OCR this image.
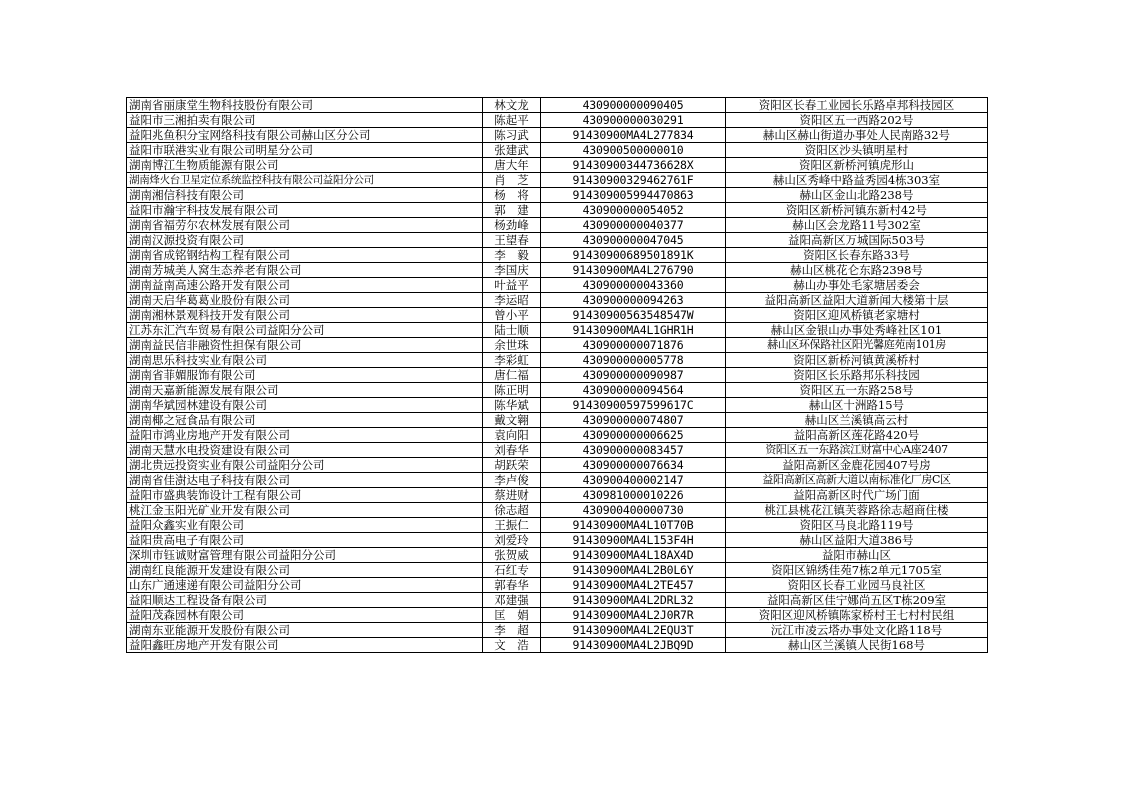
湖南省丽康堂生物科技股份有限公司	林文龙	430900000090405	资阳区长春工业园长乐路卓邦科技园区
益阳市三湘拍卖有限公司	陈起平	430900000030291	资阳区五一西路202号
益阳兆鱼积分宝网络科技有限公司赫山区分公司	陈习武	91430900MA4L277834	赫山区赫山街道办事处人民南路32号
益阳市联港实业有限公司明星分公司	张建武	430900500000010	资阳区沙头镇明星村
湖南博江生物质能源有限公司	唐大年	91430900344736628X	资阳区新桥河镇虎形山
湖南烽火台卫星定位系统监控科技有限公司益阳分公司	肖　芝	91430900329462761F	赫山区秀峰中路益秀园4栋303室
湖南湘信科技有限公司	杨　将	91430900599447086З	赫山区金山北路238号
益阳市瀚宇科技发展有限公司	郭　建	430900000054052	资阳区新桥河镇东新村42号
湖南省福劳尔农林发展有限公司	杨劲峰	430900000040377	赫山区会龙路11号302室
湖南汉源投资有限公司	王望春	430900000047045	益阳高新区万城国际503号
湖南省成铭钢结构工程有限公司	李　毅	91430900689501891K	资阳区长春东路33号
湖南芳城美人窝生态养老有限公司	李国庆	91430900MA4L276790	赫山区桃花仑东路2398号
湖南益南高速公路开发有限公司	叶益平	430900000043360	赫山办事处毛家塘居委会
湖南天启华葛葛业股份有限公司	李运昭	430900000094263	益阳高新区益阳大道新闻大楼第十层
湖南湘林景观科技开发有限公司	曾小平	91430900563548547W	资阳区迎风桥镇老家塘村
江苏东汇汽车贸易有限公司益阳分公司	陆士顺	91430900MA4L1GHR1H	赫山区金银山办事处秀峰社区101
湖南益民信非融资性担保有限公司	余世珠	430900000071876	赫山区环保路社区阳光馨庭苑南101房
湖南思乐科技实业有限公司	李彩虹	430900000005778	资阳区新桥河镇黄溪桥村
湖南省菲媚服饰有限公司	唐仁福	430900000090987	资阳区长乐路邦乐科技园
湖南天嘉新能源发展有限公司	陈正明	430900000094564	资阳区五一东路258号
湖南华斌园林建设有限公司	陈华斌	91430900597599617C	赫山区十洲路15号
湖南椰之冠食品有限公司	戴文翱	430900000074807	赫山区兰溪镇高云村
益阳市鸿业房地产开发有限公司	袁向阳	430900000006625	益阳高新区莲花路420号
湖南天慧水电投资建设有限公司	刘春华	430900000083457	资阳区五一东路滨江财富中心A座2407
湖北贵远投资实业有限公司益阳分公司	胡跃荣	430900000076634	益阳高新区金鹿花园407号房
湖南省佳澍达电子科技有限公司	李卢俊	430900400002147	益阳高新区高新大道以南标准化厂房C区
益阳市盛典装饰设计工程有限公司	蔡进财	430981000010226	益阳高新区时代广场门面
桃江金玉阳光矿业开发有限公司	徐志超	430900400000730	桃江县桃花江镇芙蓉路徐志超商住楼
益阳众鑫实业有限公司	王振仁	91430900MA4L10T70B	资阳区马良北路119号
益阳贵高电子有限公司	刘爱玲	91430900MA4L153F4H	赫山区益阳大道386号
深圳市钰诚财富管理有限公司益阳分公司	张贺威	91430900MA4L18AX4D	益阳市赫山区
湖南红良能源开发建设有限公司	石红专	91430900MA4L2B0L6Y	资阳区锦绣佳苑7栋2单元1705室
山东广通速递有限公司益阳分公司	郭春华	91430900MA4L2TE457	资阳区长春工业园马良社区
益阳顺达工程设备有限公司	邓建强	91430900MA4L2DRL32	益阳高新区佳宁娜尚五区T栋209室
益阳茂森园林有限公司	匡　娟	91430900MA4L2J0R7R	资阳区迎风桥镇陈家桥村王七村村民组
湖南东亚能源开发股份有限公司	李　超	91430900MA4L2EQU3T	沅江市凌云塔办事处文化路118号
益阳鑫旺房地产开发有限公司	文　浩	91430900MA4L2JBQ9D	赫山区兰溪镇人民街168号
